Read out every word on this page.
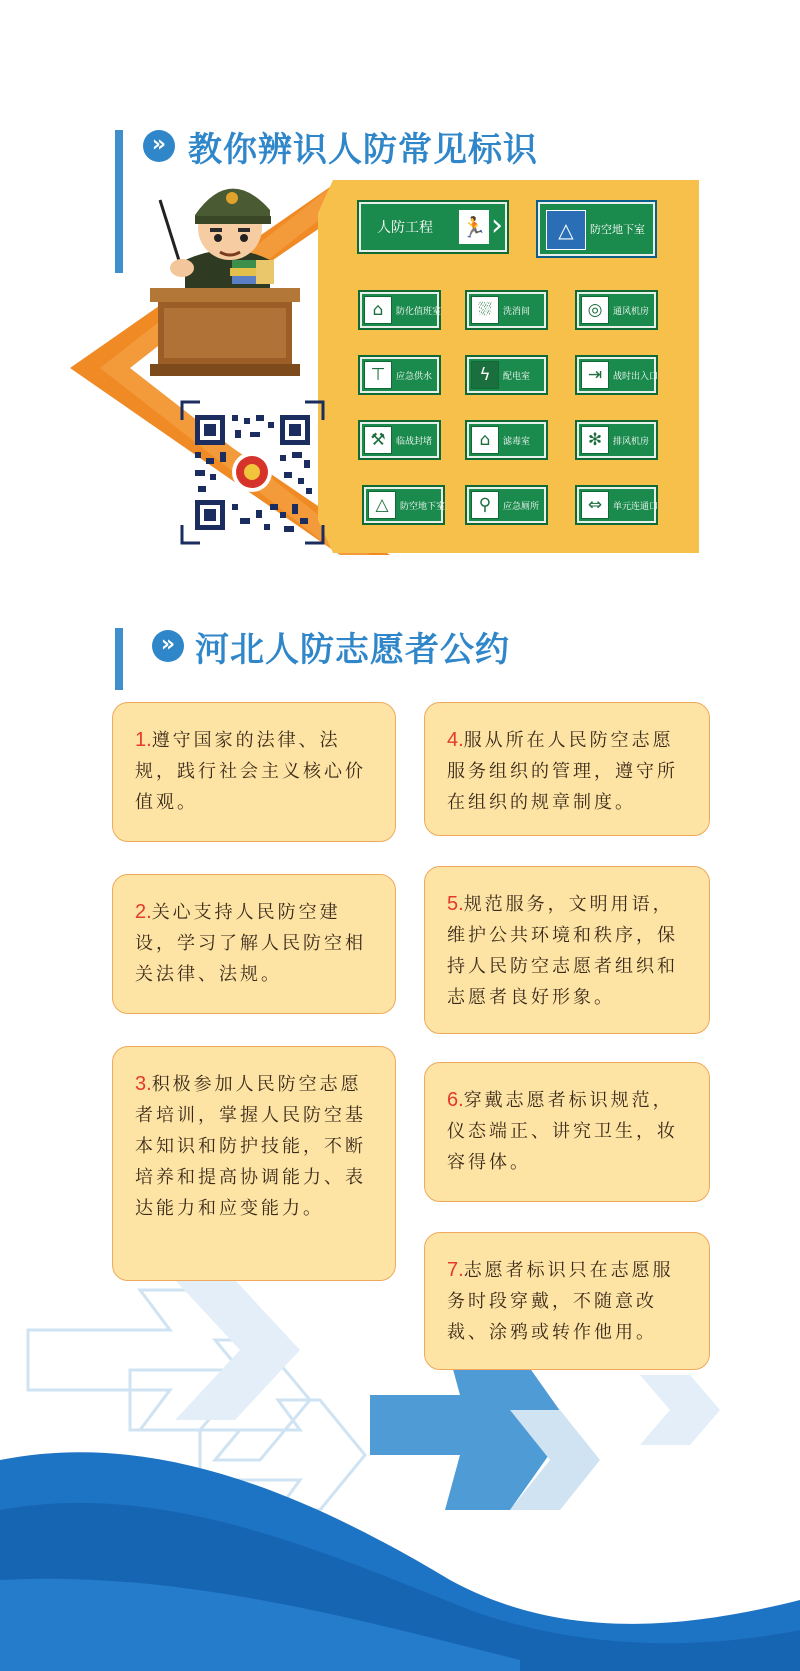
» 教你辨识人防常见标识
人防工程 🏃 ›	△	防空地下室
⌂	防化值班室	⛆	洗消间	◎	通风机房
⊤	应急供水	ϟ	配电室	⇥	战时出入口
⚒	临战封堵	⌂	滤毒室	✻	排风机房
△	防空地下室	⚲	应急厕所	⇔	单元连通口
» 河北人防志愿者公约

1.遵守国家的法律、法规，践行社会主义核心价值观。

2.关心支持人民防空建设，学习了解人民防空相关法律、法规。

3.积极参加人民防空志愿者培训，掌握人民防空基本知识和防护技能，不断培养和提高协调能力、表达能力和应变能力。

4.服从所在人民防空志愿服务组织的管理，遵守所在组织的规章制度。

5.规范服务，文明用语，维护公共环境和秩序，保持人民防空志愿者组织和志愿者良好形象。

6.穿戴志愿者标识规范，仪态端正、讲究卫生，妆容得体。

7.志愿者标识只在志愿服务时段穿戴，不随意改裁、涂鸦或转作他用。
